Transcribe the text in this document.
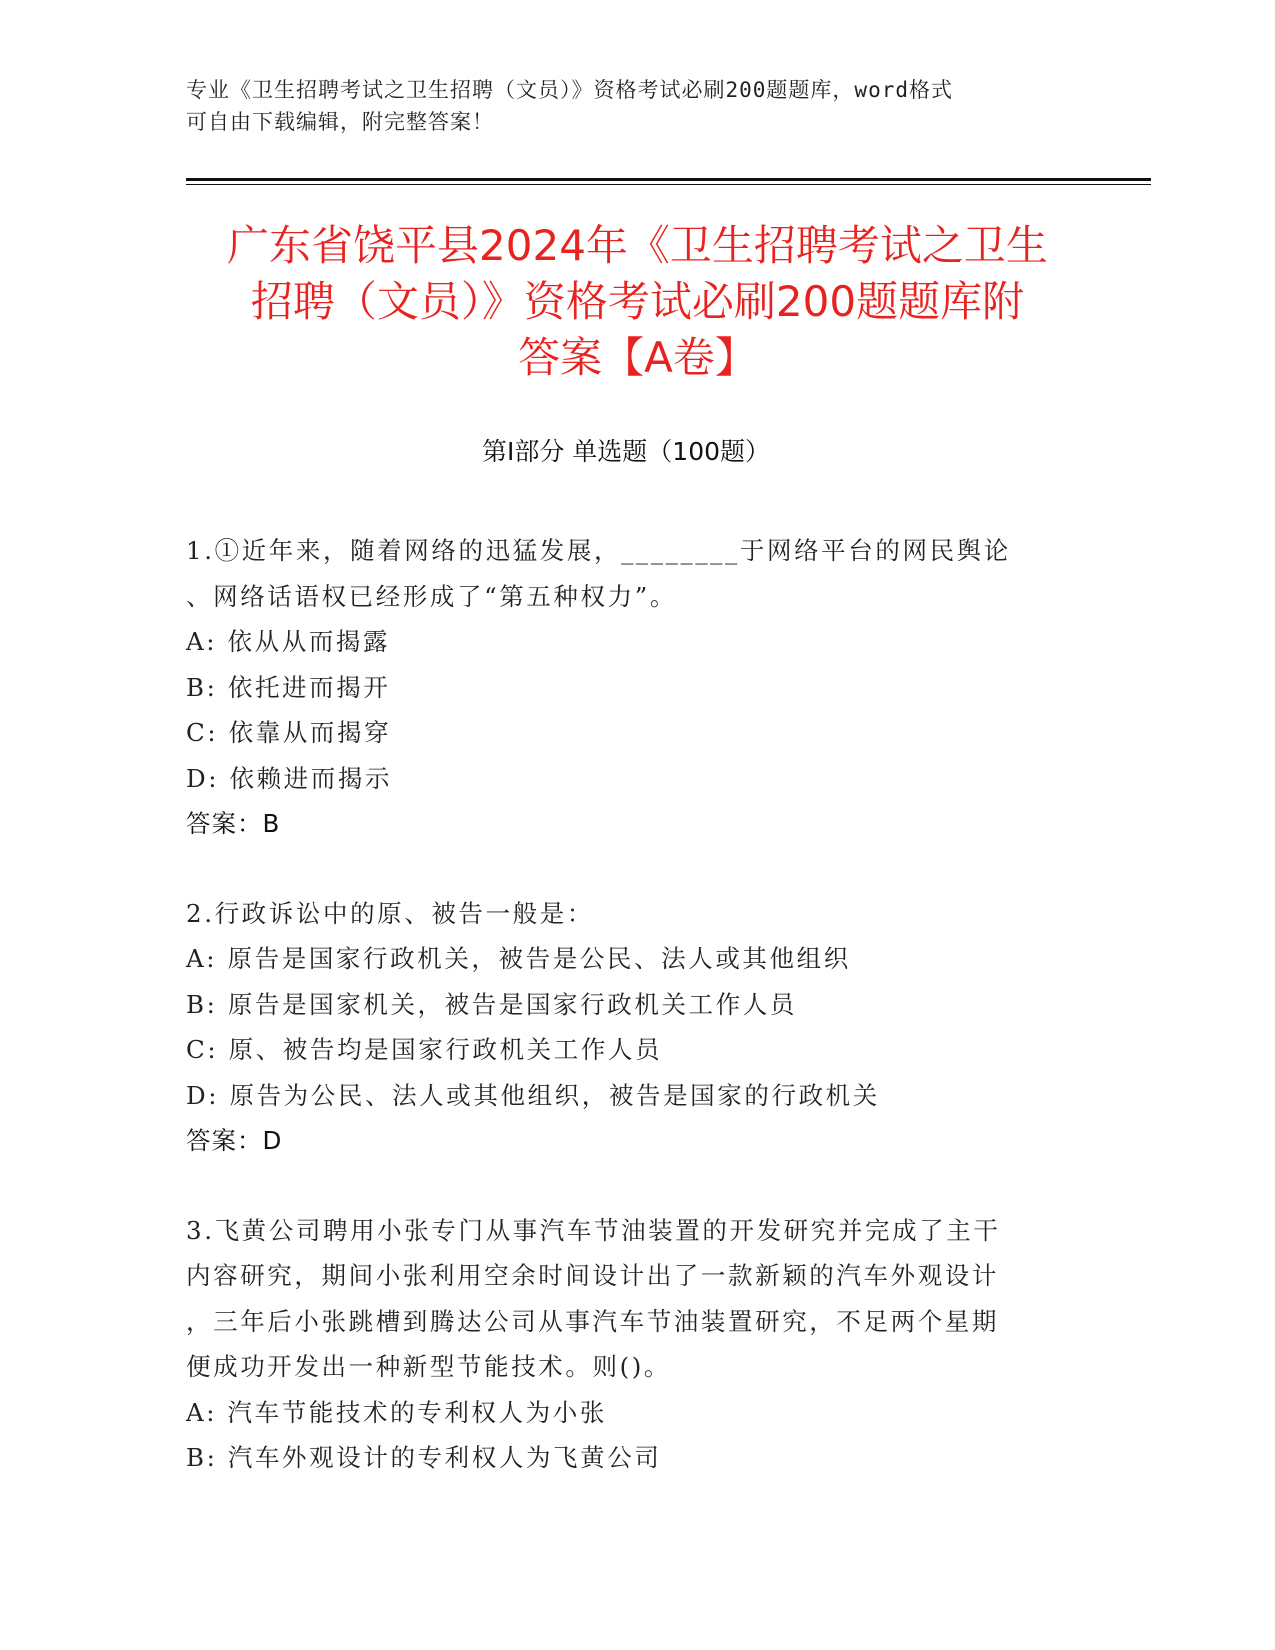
专业《卫生招聘考试之卫生招聘（文员）》资格考试必刷200题题库，word格式
可自由下载编辑，附完整答案！
广东省饶平县2024年《卫生招聘考试之卫生
招聘（文员）》资格考试必刷200题题库附
答案【A卷】
第Ⅰ部分 单选题（100题）

1.①近年来，随着网络的迅猛发展，________于网络平台的网民舆论

、网络话语权已经形成了“第五种权力”。

A: 依从从而揭露

B: 依托进而揭开

C: 依靠从而揭穿

D: 依赖进而揭示

答案：B

2.行政诉讼中的原、被告一般是：

A: 原告是国家行政机关，被告是公民、法人或其他组织

B: 原告是国家机关，被告是国家行政机关工作人员

C: 原、被告均是国家行政机关工作人员

D: 原告为公民、法人或其他组织，被告是国家的行政机关

答案：D

3.飞黄公司聘用小张专门从事汽车节油装置的开发研究并完成了主干

内容研究，期间小张利用空余时间设计出了一款新颖的汽车外观设计

，三年后小张跳槽到腾达公司从事汽车节油装置研究，不足两个星期

便成功开发出一种新型节能技术。则()。

A: 汽车节能技术的专利权人为小张

B: 汽车外观设计的专利权人为飞黄公司
